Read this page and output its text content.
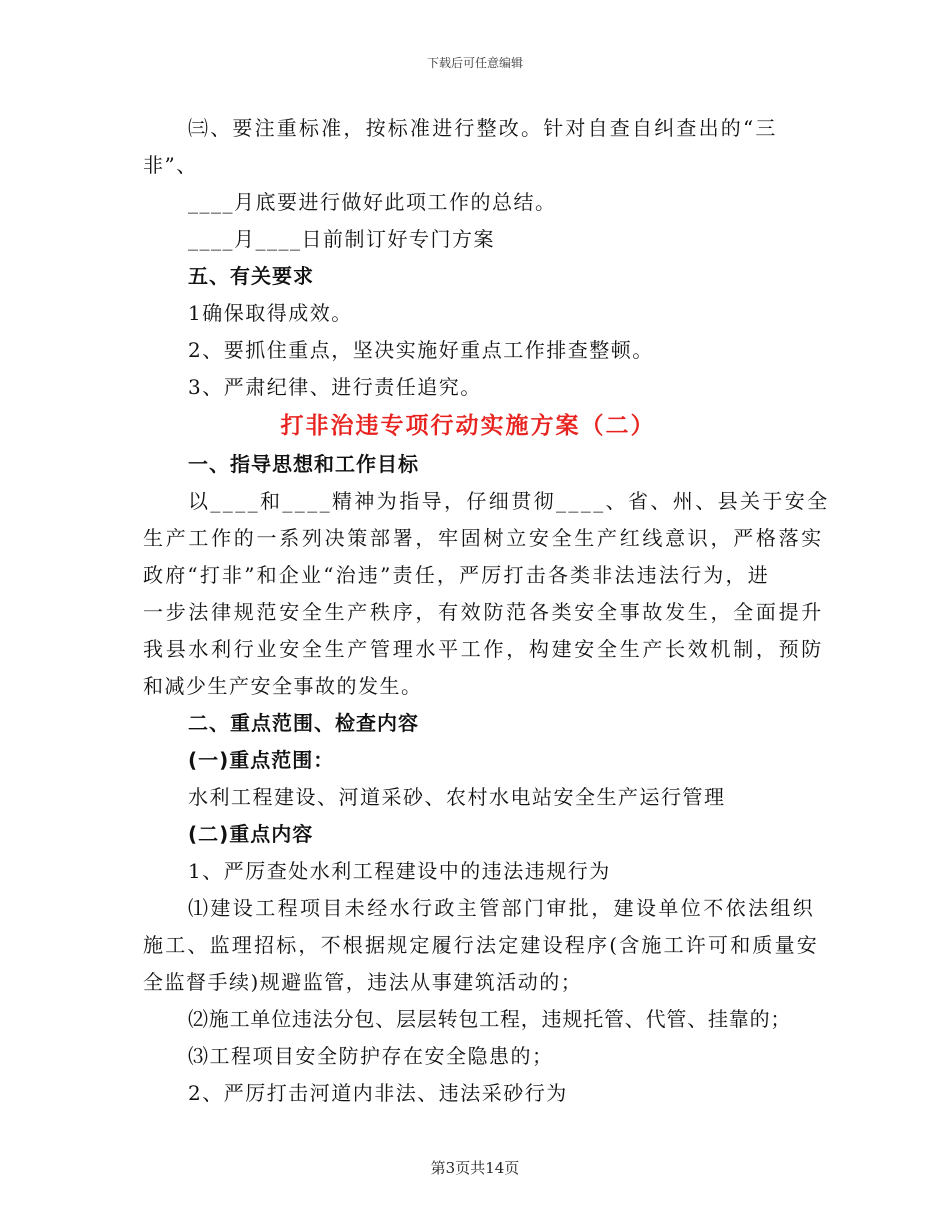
下载后可任意编辑
㈢、要注重标准，按标准进行整改。针对自查自纠查出的“三
非”、
____月底要进行做好此项工作的总结。
____月____日前制订好专门方案
五、有关要求
1确保取得成效。
2、要抓住重点，坚决实施好重点工作排查整顿。
3、严肃纪律、进行责任追究。
打非治违专项行动实施方案（二）
一、指导思想和工作目标
以____和____精神为指导，仔细贯彻____、省、州、县关于安全
生产工作的一系列决策部署，牢固树立安全生产红线意识，严格落实
政府“打非”和企业“治违”责任，严厉打击各类非法违法行为，进
一步法律规范安全生产秩序，有效防范各类安全事故发生，全面提升
我县水利行业安全生产管理水平工作，构建安全生产长效机制，预防
和减少生产安全事故的发生。
二、重点范围、检查内容
(一)重点范围：
水利工程建设、河道采砂、农村水电站安全生产运行管理
(二)重点内容
1、严厉查处水利工程建设中的违法违规行为
⑴建设工程项目未经水行政主管部门审批，建设单位不依法组织
施工、监理招标，不根据规定履行法定建设程序(含施工许可和质量安
全监督手续)规避监管，违法从事建筑活动的；
⑵施工单位违法分包、层层转包工程，违规托管、代管、挂靠的；
⑶工程项目安全防护存在安全隐患的；
2、严厉打击河道内非法、违法采砂行为
第3页共14页
